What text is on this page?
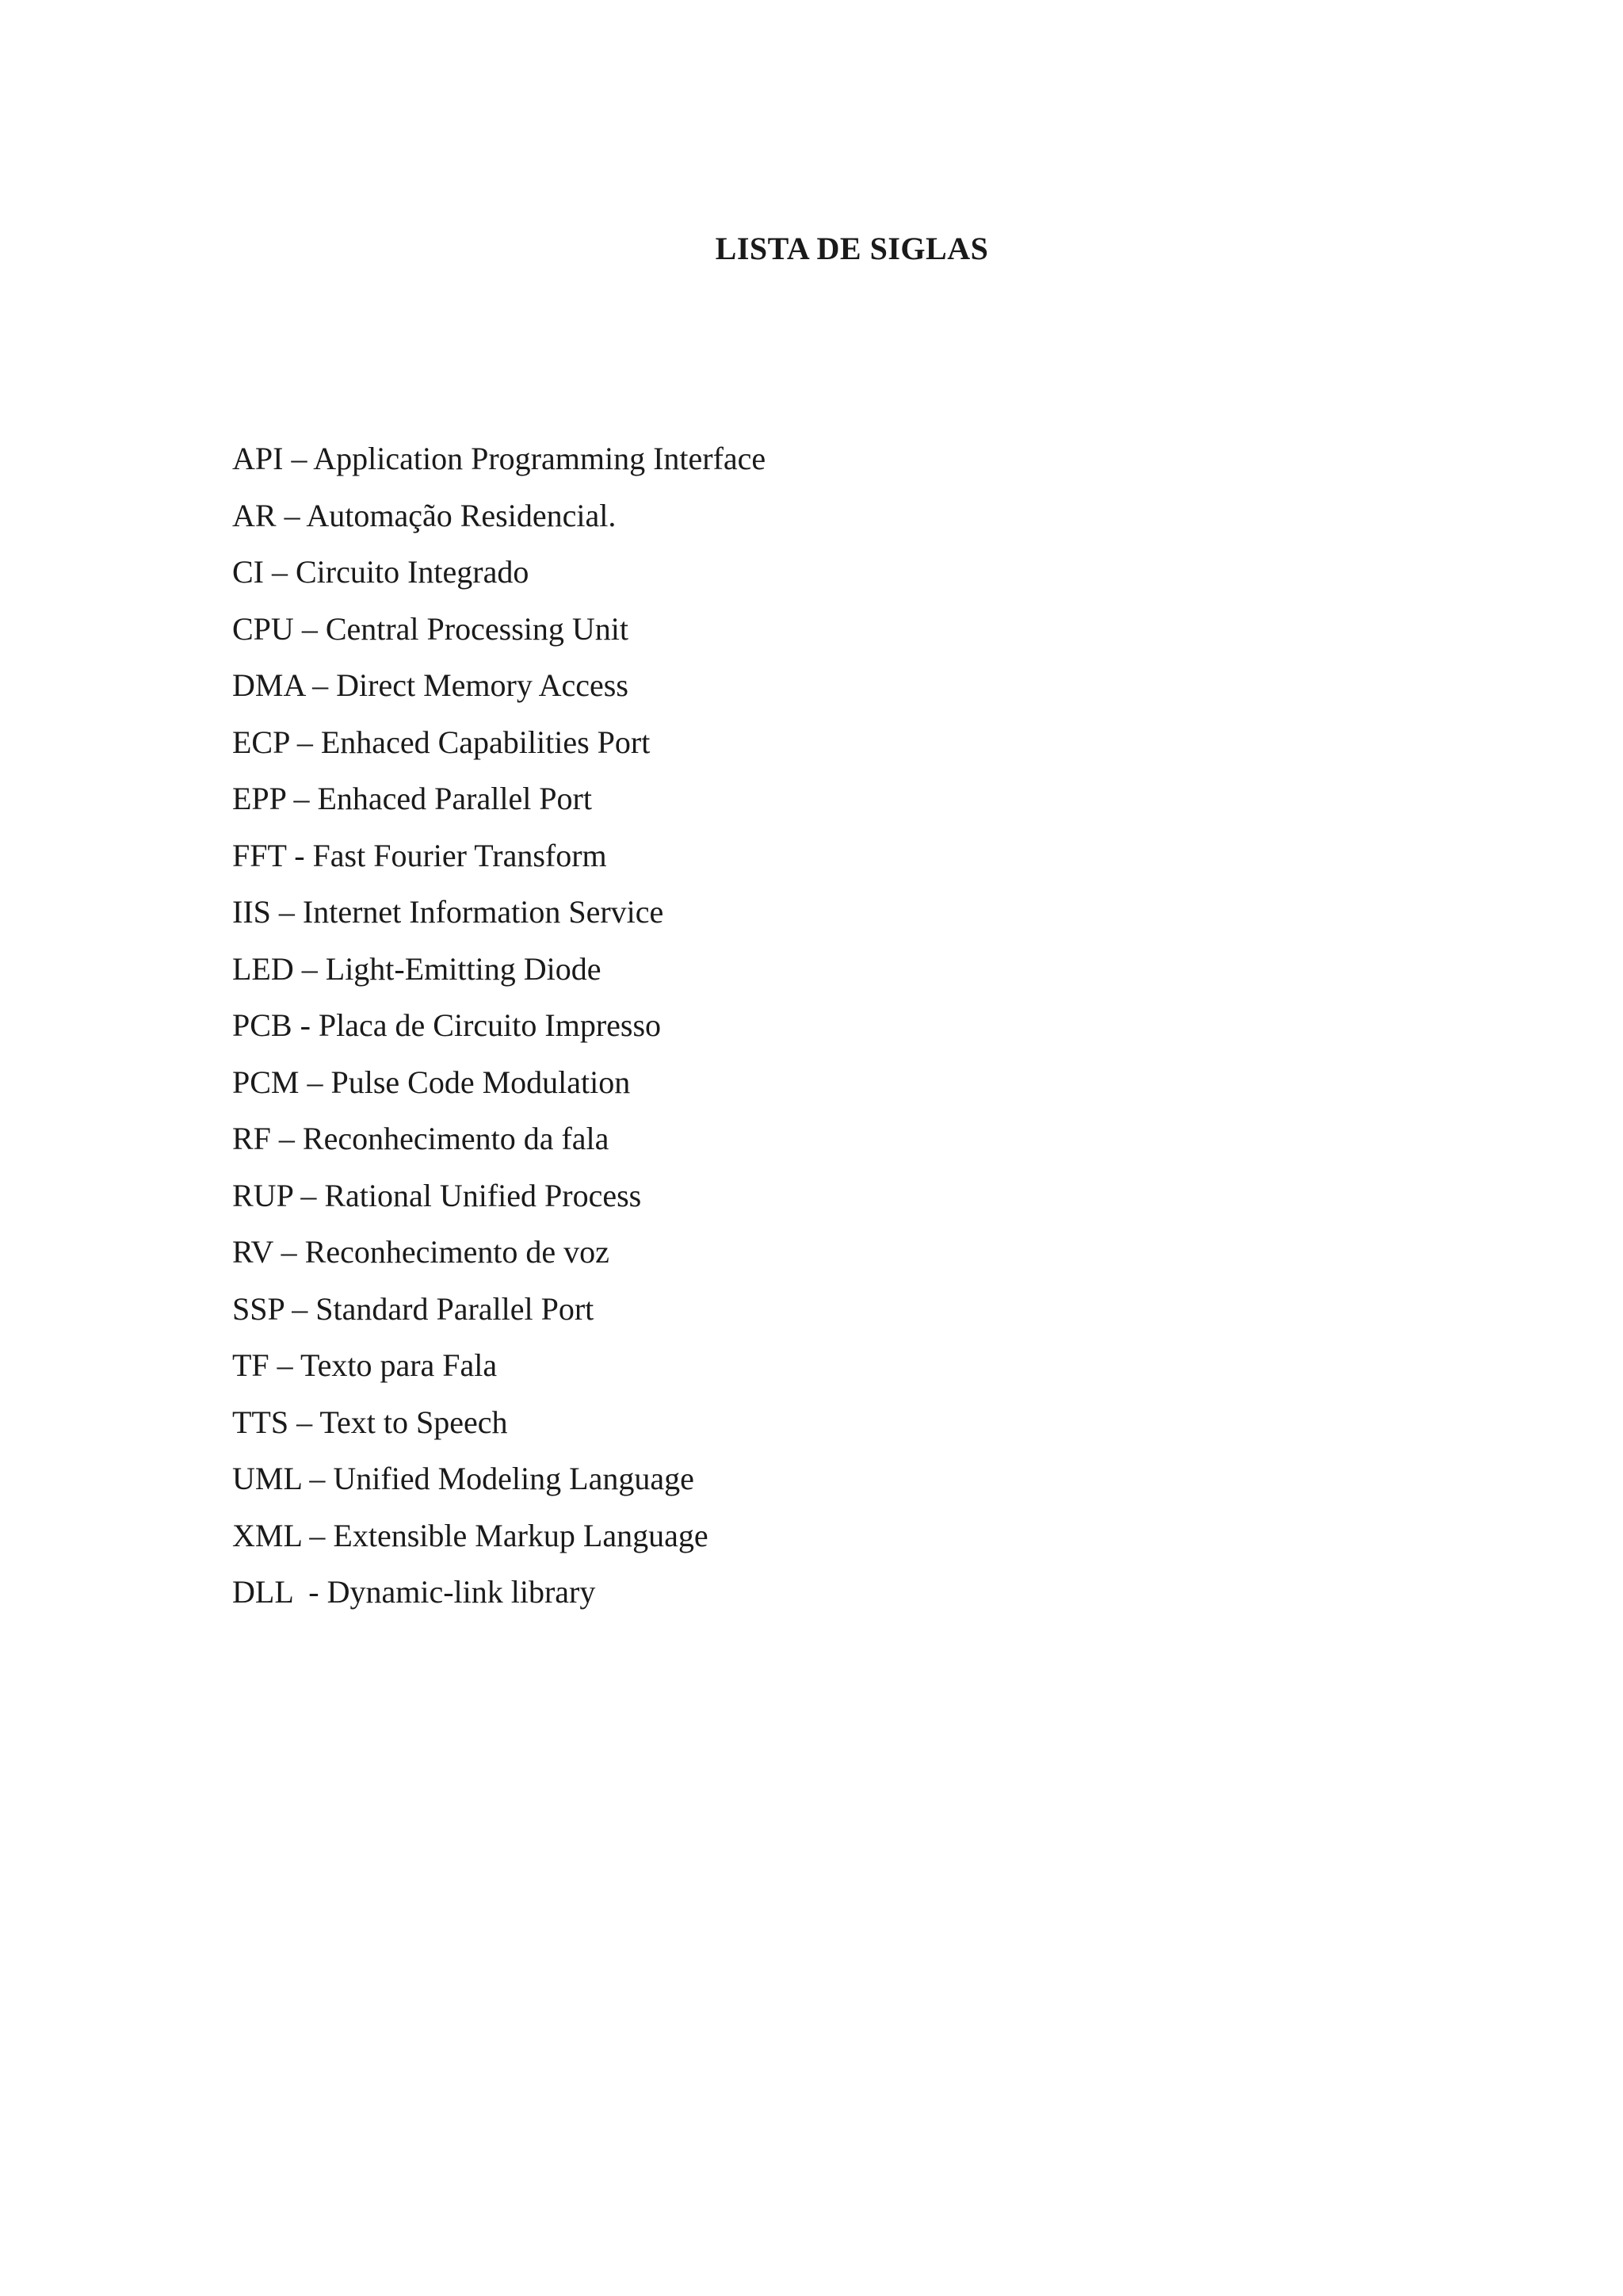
LISTA DE SIGLAS
API – Application Programming Interface
AR – Automação Residencial.
CI – Circuito Integrado
CPU – Central Processing Unit
DMA – Direct Memory Access
ECP – Enhaced Capabilities Port
EPP – Enhaced Parallel Port
FFT - Fast Fourier Transform
IIS – Internet Information Service
LED – Light-Emitting Diode
PCB - Placa de Circuito Impresso
PCM – Pulse Code Modulation
RF – Reconhecimento da fala
RUP – Rational Unified Process
RV – Reconhecimento de voz
SSP – Standard Parallel Port
TF – Texto para Fala
TTS – Text to Speech
UML – Unified Modeling Language
XML – Extensible Markup Language
DLL  - Dynamic-link library
